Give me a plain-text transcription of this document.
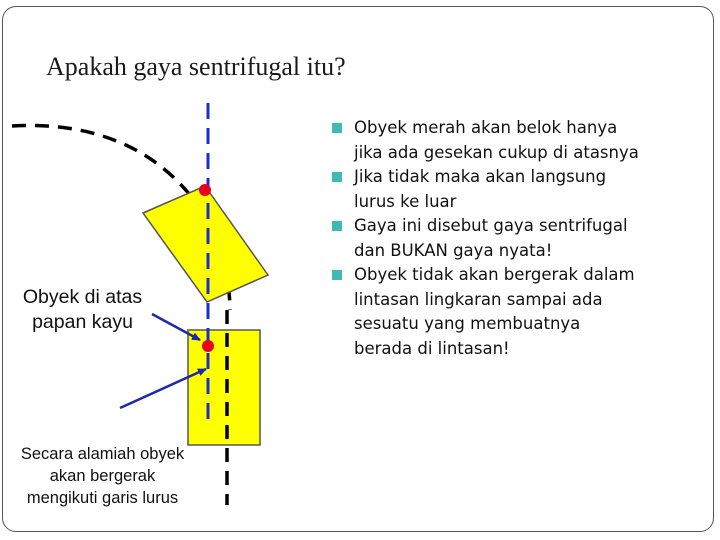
Apakah gaya sentrifugal itu?
Obyek di atas
papan kayu
Secara alamiah obyek
akan bergerak
mengikuti garis lurus
Obyek merah akan belok hanya
jika ada gesekan cukup di atasnya
Jika tidak maka akan langsung
lurus ke luar
Gaya ini disebut gaya sentrifugal
dan BUKAN gaya nyata!
Obyek tidak akan bergerak dalam
lintasan lingkaran sampai ada
sesuatu yang membuatnya
berada di lintasan!
